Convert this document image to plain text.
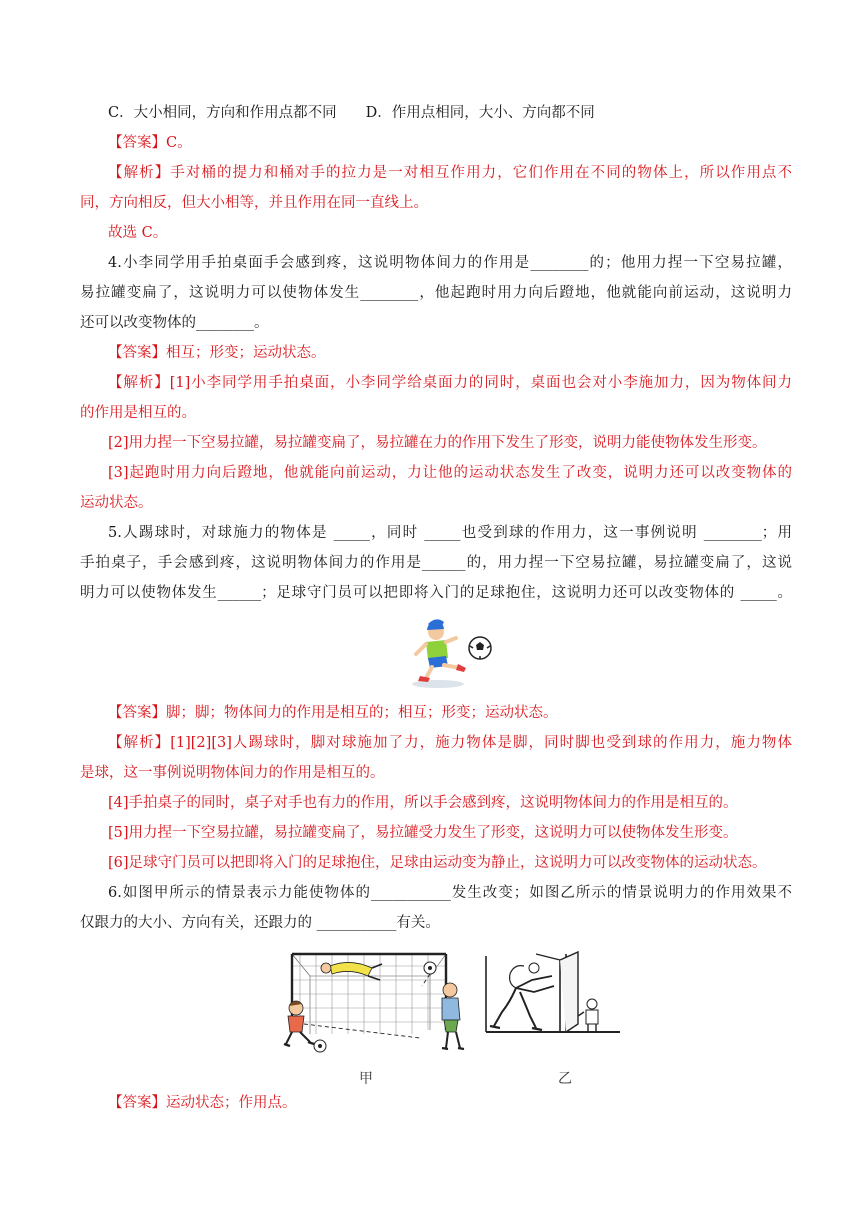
C．大小相同，方向和作用点都不同　　D．作用点相同，大小、方向都不同
【答案】C。
【解析】手对桶的提力和桶对手的拉力是一对相互作用力，它们作用在不同的物体上，所以作用点不
同，方向相反，但大小相等，并且作用在同一直线上。
故选 C。
4.小李同学用手拍桌面手会感到疼，这说明物体间力的作用是________的；他用力捏一下空易拉罐，
易拉罐变扁了，这说明力可以使物体发生________，他起跑时用力向后蹬地，他就能向前运动，这说明力
还可以改变物体的________。
【答案】相互；形变；运动状态。
【解析】[1]小李同学用手拍桌面，小李同学给桌面力的同时，桌面也会对小李施加力，因为物体间力
的作用是相互的。
[2]用力捏一下空易拉罐，易拉罐变扁了，易拉罐在力的作用下发生了形变，说明力能使物体发生形变。
[3]起跑时用力向后蹬地，他就能向前运动，力让他的运动状态发生了改变，说明力还可以改变物体的
运动状态。
5.人踢球时，对球施力的物体是 _____，同时 _____也受到球的作用力，这一事例说明 ________；用
手拍桌子，手会感到疼，这说明物体间力的作用是______的，用力捏一下空易拉罐，易拉罐变扁了，这说
明力可以使物体发生______；足球守门员可以把即将入门的足球抱住，这说明力还可以改变物体的 _____。
【答案】脚；脚；物体间力的作用是相互的；相互；形变；运动状态。
【解析】[1][2][3]人踢球时，脚对球施加了力，施力物体是脚，同时脚也受到球的作用力，施力物体
是球，这一事例说明物体间力的作用是相互的。
[4]手拍桌子的同时，桌子对手也有力的作用，所以手会感到疼，这说明物体间力的作用是相互的。
[5]用力捏一下空易拉罐，易拉罐变扁了，易拉罐受力发生了形变，这说明力可以使物体发生形变。
[6]足球守门员可以把即将入门的足球抱住，足球由运动变为静止，这说明力可以改变物体的运动状态。
6.如图甲所示的情景表示力能使物体的___________发生改变；如图乙所示的情景说明力的作用效果不
仅跟力的大小、方向有关，还跟力的 ___________有关。
甲	乙
【答案】运动状态；作用点。
